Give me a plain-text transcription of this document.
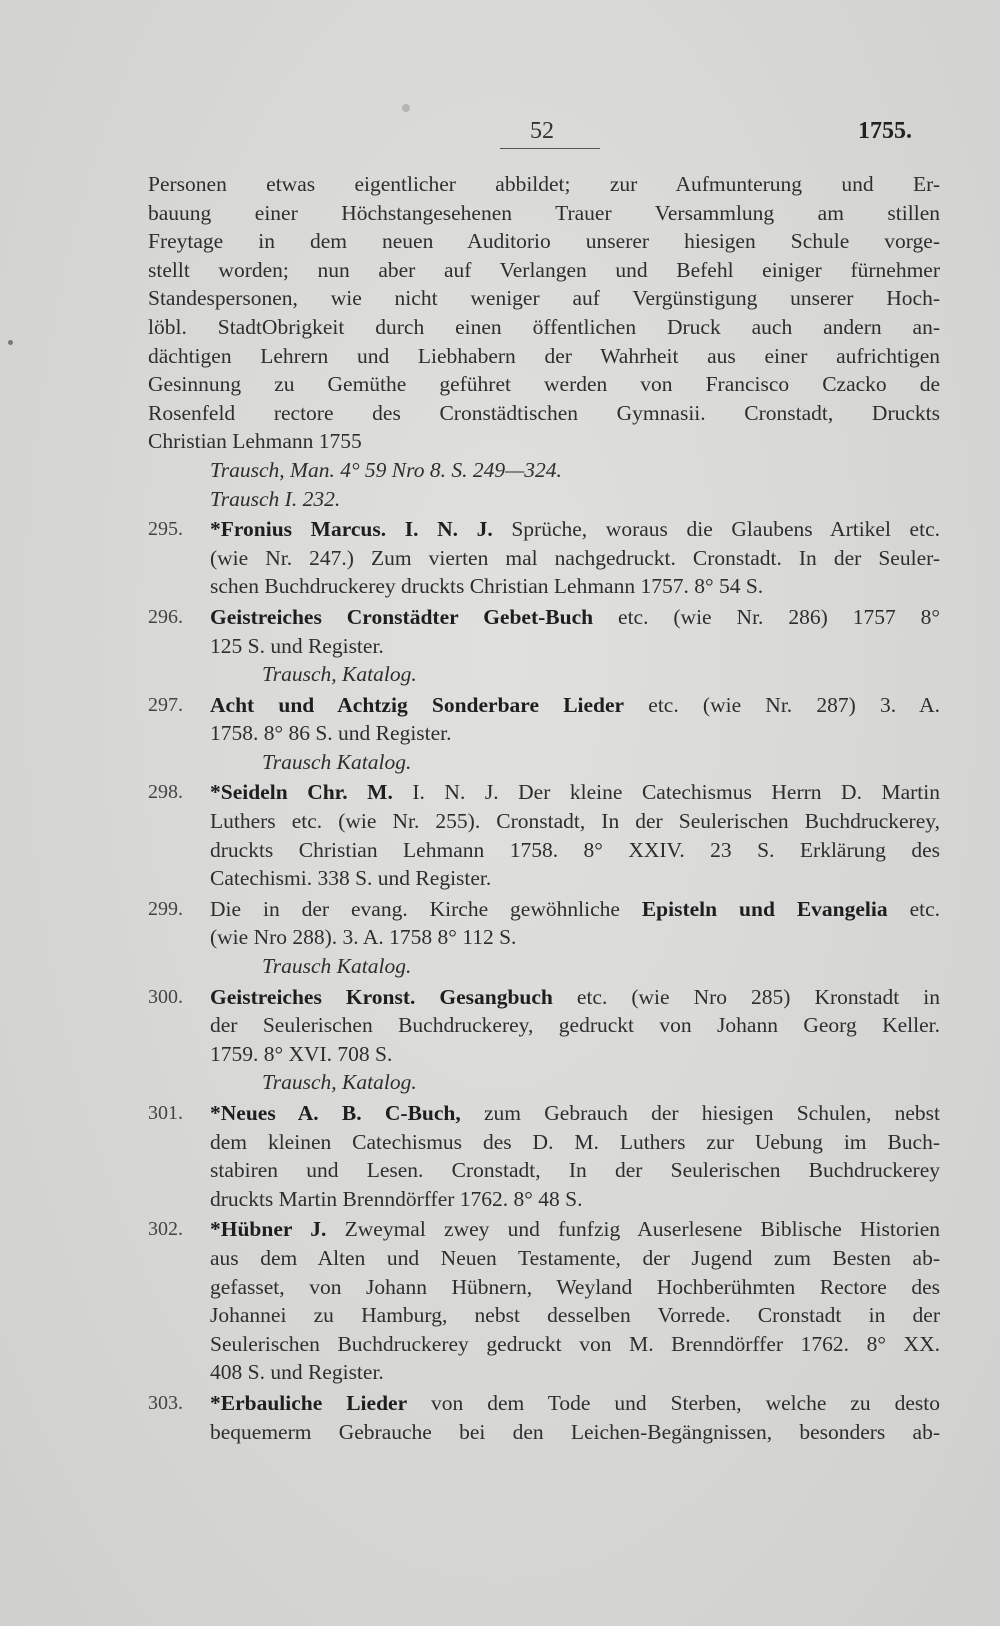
52	1755.
Personen etwas eigentlicher abbildet; zur Aufmunterung und Er-
bauung einer Höchstangesehenen Trauer Versammlung am stillen
Freytage in dem neuen Auditorio unserer hiesigen Schule vorge-
stellt worden; nun aber auf Verlangen und Befehl einiger fürnehmer
Standespersonen, wie nicht weniger auf Vergünstigung unserer Hoch-
löbl. StadtObrigkeit durch einen öffentlichen Druck auch andern an-
dächtigen Lehrern und Liebhabern der Wahrheit aus einer aufrichtigen
Gesinnung zu Gemüthe geführet werden von Francisco Czacko de
Rosenfeld rectore des Cronstädtischen Gymnasii. Cronstadt, Druckts
Christian Lehmann 1755
Trausch, Man. 4° 59 Nro 8. S. 249—324.
Trausch I. 232.
295. *Fronius Marcus. I. N. J. Sprüche, woraus die Glaubens Artikel etc.
(wie Nr. 247.) Zum vierten mal nachgedruckt. Cronstadt. In der Seuler-
schen Buchdruckerey druckts Christian Lehmann 1757. 8° 54 S.
296. Geistreiches Cronstädter Gebet-Buch etc. (wie Nr. 286) 1757 8°
125 S. und Register.
Trausch, Katalog.
297. Acht und Achtzig Sonderbare Lieder etc. (wie Nr. 287) 3. A.
1758. 8° 86 S. und Register.
Trausch Katalog.
298. *Seideln Chr. M. I. N. J. Der kleine Catechismus Herrn D. Martin
Luthers etc. (wie Nr. 255). Cronstadt, In der Seulerischen Buchdruckerey,
druckts Christian Lehmann 1758. 8° XXIV. 23 S. Erklärung des
Catechismi. 338 S. und Register.
299. Die in der evang. Kirche gewöhnliche Episteln und Evangelia etc.
(wie Nro 288). 3. A. 1758 8° 112 S.
Trausch Katalog.
300. Geistreiches Kronst. Gesangbuch etc. (wie Nro 285) Kronstadt in
der Seulerischen Buchdruckerey, gedruckt von Johann Georg Keller.
1759. 8° XVI. 708 S.
Trausch, Katalog.
301. *Neues A. B. C-Buch, zum Gebrauch der hiesigen Schulen, nebst
dem kleinen Catechismus des D. M. Luthers zur Uebung im Buch-
stabiren und Lesen. Cronstadt, In der Seulerischen Buchdruckerey
druckts Martin Brenndörffer 1762. 8° 48 S.
302. *Hübner J. Zweymal zwey und funfzig Auserlesene Biblische Historien
aus dem Alten und Neuen Testamente, der Jugend zum Besten ab-
gefasset, von Johann Hübnern, Weyland Hochberühmten Rectore des
Johannei zu Hamburg, nebst desselben Vorrede. Cronstadt in der
Seulerischen Buchdruckerey gedruckt von M. Brenndörffer 1762. 8° XX.
408 S. und Register.
303. *Erbauliche Lieder von dem Tode und Sterben, welche zu desto
bequemerm Gebrauche bei den Leichen-Begängnissen, besonders ab-
